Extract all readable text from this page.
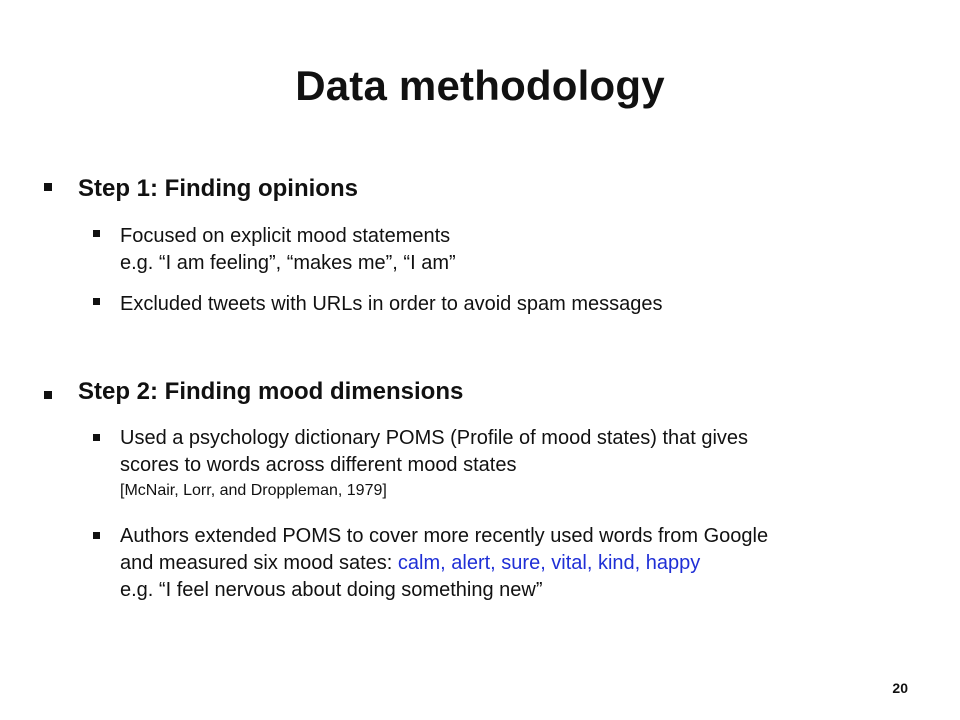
Data methodology
Step 1: Finding opinions
Focused on explicit mood statements
e.g. “I am feeling”, “makes me”, “I am”
Excluded tweets with URLs in order to avoid spam messages
Step 2: Finding mood dimensions
Used a psychology dictionary POMS (Profile of mood states) that gives
scores to words across different mood states
[McNair, Lorr, and Droppleman, 1979]
Authors extended POMS to cover more recently used words from Google
and measured six mood sates: calm, alert, sure, vital, kind, happy
e.g. “I feel nervous about doing something new”
20
